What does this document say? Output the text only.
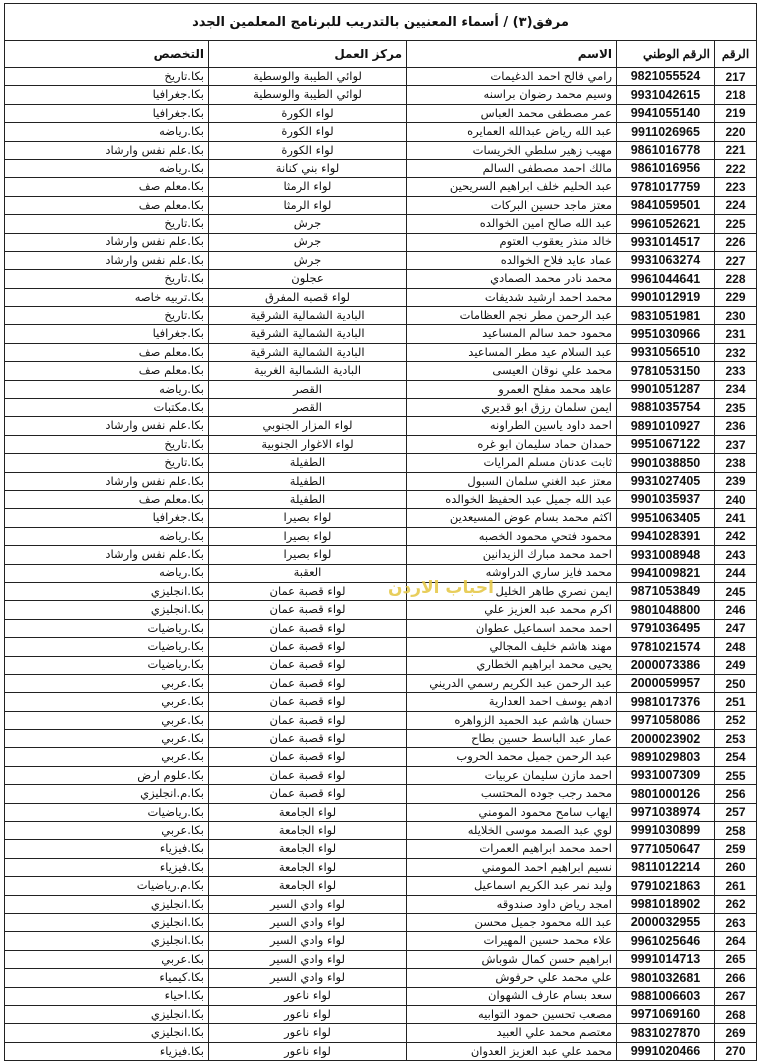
مرفق(٣) / أسماء المعنيين بالتدريب للبرنامج المعلمين الجدد				
الرقم	الرقم الوطني	الاسم	مركز العمل	التخصص
217	9821055524	رامي فالح احمد الدغيمات	لوائي الطيبة والوسطية	بكا.تاريخ
218	9931042615	وسيم محمد رضوان براسنه	لوائي الطيبة والوسطية	بكا.جغرافيا
219	9941055140	عمر مصطفى محمد العباس	لواء الكورة	بكا.جغرافيا
220	9911026965	عبد الله رياض عبدالله العمايره	لواء الكورة	بكا.رياضه
221	9861016778	مهيب زهير سلطي الخريسات	لواء الكورة	بكا.علم نفس وارشاد
222	9861016956	مالك احمد مصطفى السالم	لواء بني كنانة	بكا.رياضه
223	9781017759	عبد الحليم خلف ابراهيم السريحين	لواء الرمثا	بكا.معلم صف
224	9841059501	معتز ماجد حسين البركات	لواء الرمثا	بكا.معلم صف
225	9961052621	عبد الله صالح امين الخوالده	جرش	بكا.تاريخ
226	9931014517	خالد منذر يعقوب العتوم	جرش	بكا.علم نفس وارشاد
227	9931063274	عماد عايد فلاح الخوالده	جرش	بكا.علم نفس وارشاد
228	9961044641	محمد نادر محمد الصمادي	عجلون	بكا.تاريخ
229	9901012919	محمد احمد ارشيد شديفات	لواء قصبه المفرق	بكا.تربيه خاصه
230	9831051981	عبد الرحمن مطر نجم العظامات	البادية الشمالية الشرقية	بكا.تاريخ
231	9951030966	محمود حمد سالم المساعيد	البادية الشمالية الشرقية	بكا.جغرافيا
232	9931056510	عبد السلام عيد مطر المساعيد	البادية الشمالية الشرقية	بكا.معلم صف
233	9781053150	محمد علي نوقان العيسى	البادية الشمالية الغربية	بكا.معلم صف
234	9901051287	عاهد محمد مفلح العمرو	القصر	بكا.رياضه
235	9881035754	ايمن سلمان رزق ابو قديري	القصر	بكا.مكتبات
236	9891010927	احمد داود ياسين الطراونه	لواء المزار الجنوبي	بكا.علم نفس وارشاد
237	9951067122	حمدان حماد سليمان ابو غره	لواء الاغوار الجنوبية	بكا.تاريخ
238	9901038850	ثابت عدنان مسلم المرايات	الطفيلة	بكا.تاريخ
239	9931027405	معتز عبد الغني سلمان السبول	الطفيلة	بكا.علم نفس وارشاد
240	9901035937	عبد الله جميل عبد الحفيظ الخوالده	الطفيلة	بكا.معلم صف
241	9951063405	اكثم محمد بسام عوض المسيعدين	لواء بصيرا	بكا.جغرافيا
242	9941028391	محمود فتحي محمود الخصبه	لواء بصيرا	بكا.رياضه
243	9931008948	احمد محمد مبارك الزيدانين	لواء بصيرا	بكا.علم نفس وارشاد
244	9941009821	محمد فايز ساري الدراوشه	العقبة	بكا.رياضه
245	9871053849	ايمن نصري طاهر الخليل	لواء قصبة عمان	بكا.انجليزي
246	9801048800	اكرم محمد عبد العزيز علي	لواء قصبة عمان	بكا.انجليزي
247	9791036495	احمد محمد اسماعيل عطوان	لواء قصبة عمان	بكا.رياضيات
248	9781021574	مهند هاشم خليف المجالي	لواء قصبة عمان	بكا.رياضيات
249	2000073386	يحيى محمد ابراهيم الخطاري	لواء قصبة عمان	بكا.رياضيات
250	2000059957	عبد الرحمن عبد الكريم رسمي الدريني	لواء قصبة عمان	بكا.عربي
251	9981017376	ادهم يوسف احمد العدارية	لواء قصبة عمان	بكا.عربي
252	9971058086	حسان هاشم عبد الحميد الزواهره	لواء قصبة عمان	بكا.عربي
253	2000023902	عمار عبد الباسط حسين بطاح	لواء قصبة عمان	بكا.عربي
254	9891029803	عبد الرحمن جميل محمد الحروب	لواء قصبة عمان	بكا.عربي
255	9931007309	احمد مازن سليمان عربيات	لواء قصبة عمان	بكا.علوم ارض
256	9801000126	محمد رجب جوده المحتسب	لواء قصبة عمان	بكا.م.انجليزي
257	9971038974	ايهاب سامح محمود المومني	لواء الجامعة	بكا.رياضيات
258	9991030899	لوي عبد الصمد موسى الخلايله	لواء الجامعة	بكا.عربي
259	9771050647	احمد محمد ابراهيم العمرات	لواء الجامعة	بكا.فيزياء
260	9811012214	نسيم ابراهيم احمد المومني	لواء الجامعة	بكا.فيزياء
261	9791021863	وليد نمر عبد الكريم اسماعيل	لواء الجامعة	بكا.م.رياضيات
262	9981018902	امجد رياض داود صندوقه	لواء وادي السير	بكا.انجليزي
263	2000032955	عبد الله محمود جميل محسن	لواء وادي السير	بكا.انجليزي
264	9961025646	علاء محمد حسين المهيرات	لواء وادي السير	بكا.انجليزي
265	9991014713	ابراهيم حسن كمال شوباش	لواء وادي السير	بكا.عربي
266	9801032681	علي محمد علي حرفوش	لواء وادي السير	بكا.كيمياء
267	9881006603	سعد بسام عارف الشهوان	لواء ناعور	بكا.احياء
268	9971069160	مصعب تحسين حمود التوابيه	لواء ناعور	بكا.انجليزي
269	9831027870	معتصم محمد علي العبيد	لواء ناعور	بكا.انجليزي
270	9991020466	محمد علي عبد العزيز العدوان	لواء ناعور	بكا.فيزياء
احباب الاردن
